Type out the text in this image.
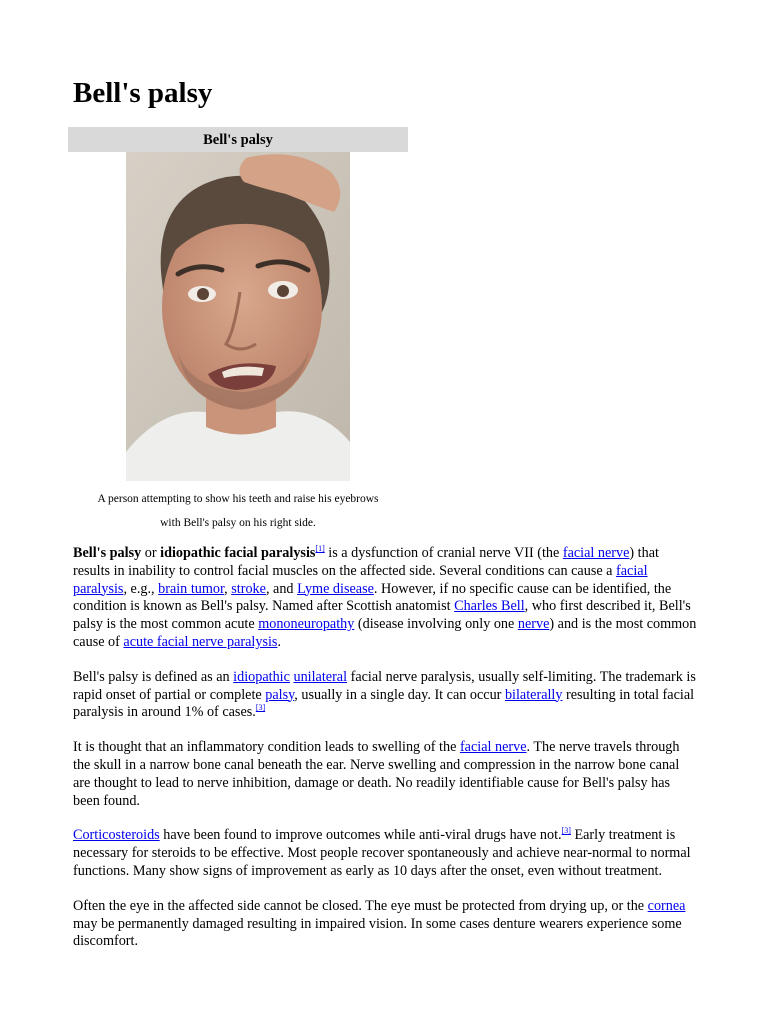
Bell's palsy
Bell's palsy
A person attempting to show his teeth and raise his eyebrows
with Bell's palsy on his right side.

Bell's palsy or idiopathic facial paralysis[1] is a dysfunction of cranial nerve VII (the facial nerve) that results in inability to control facial muscles on the affected side. Several conditions can cause a facial paralysis, e.g., brain tumor, stroke, and Lyme disease. However, if no specific cause can be identified, the condition is known as Bell's palsy. Named after Scottish anatomist Charles Bell, who first described it, Bell's palsy is the most common acute mononeuropathy (disease involving only one nerve) and is the most common cause of acute facial nerve paralysis.

Bell's palsy is defined as an idiopathic unilateral facial nerve paralysis, usually self-limiting. The trademark is rapid onset of partial or complete palsy, usually in a single day. It can occur bilaterally resulting in total facial paralysis in around 1% of cases.[3]

It is thought that an inflammatory condition leads to swelling of the facial nerve. The nerve travels through the skull in a narrow bone canal beneath the ear. Nerve swelling and compression in the narrow bone canal are thought to lead to nerve inhibition, damage or death. No readily identifiable cause for Bell's palsy has been found.

Corticosteroids have been found to improve outcomes while anti-viral drugs have not.[3] Early treatment is necessary for steroids to be effective. Most people recover spontaneously and achieve near-normal to normal functions. Many show signs of improvement as early as 10 days after the onset, even without treatment.

Often the eye in the affected side cannot be closed. The eye must be protected from drying up, or the cornea may be permanently damaged resulting in impaired vision. In some cases denture wearers experience some discomfort.
